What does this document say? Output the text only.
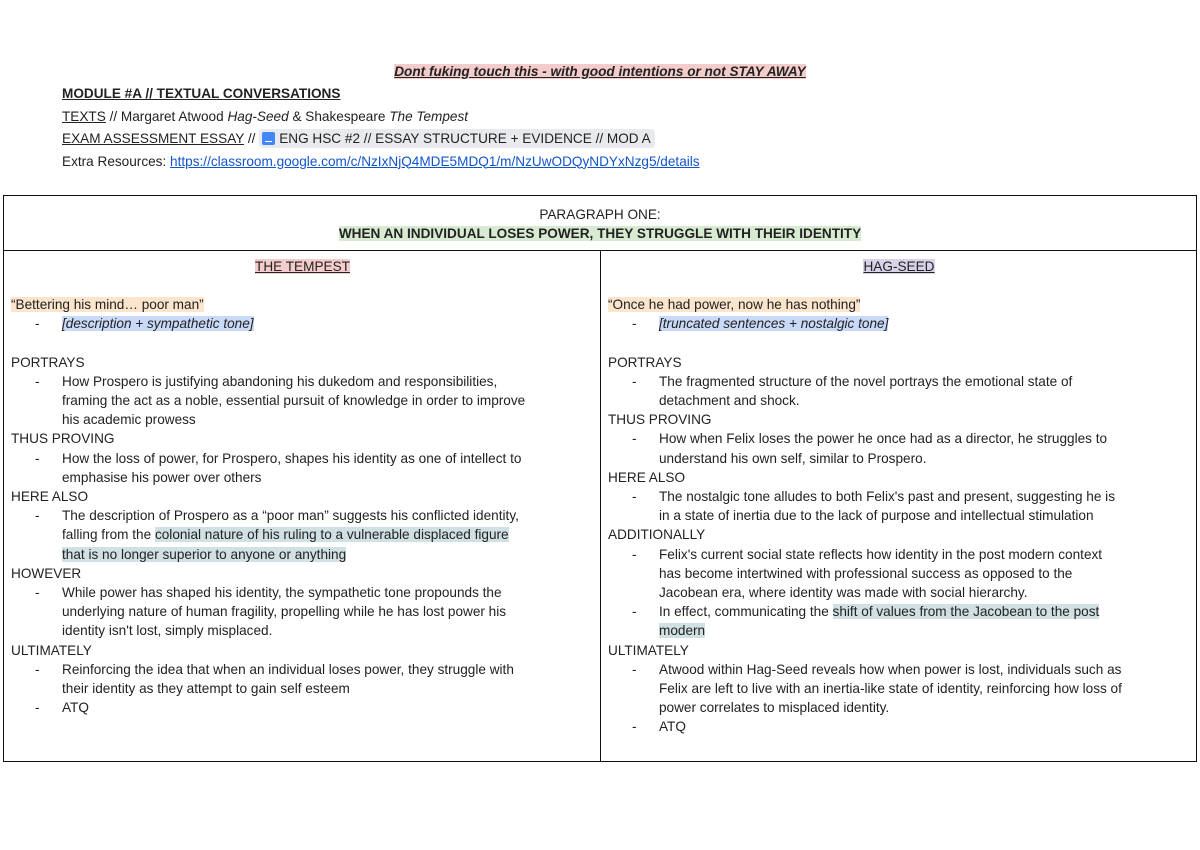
Dont fuking touch this - with good intentions or not STAY AWAY
MODULE #A // TEXTUAL CONVERSATIONS
TEXTS // Margaret Atwood Hag-Seed & Shakespeare The Tempest
EXAM ASSESSMENT ESSAY // ENG HSC #2 // ESSAY STRUCTURE + EVIDENCE // MOD A
Extra Resources: https://classroom.google.com/c/NzIxNjQ4MDE5MDQ1/m/NzUwODQyNDYxNzg5/details
PARAGRAPH ONE:
WHEN AN INDIVIDUAL LOSES POWER, THEY STRUGGLE WITH THEIR IDENTITY
THE TEMPEST
“Bettering his mind… poor man”
- [description + sympathetic tone]
PORTRAYS
- How Prospero is justifying abandoning his dukedom and responsibilities,
framing the act as a noble, essential pursuit of knowledge in order to improve
his academic prowess
THUS PROVING
- How the loss of power, for Prospero, shapes his identity as one of intellect to
emphasise his power over others
HERE ALSO
- The description of Prospero as a “poor man” suggests his conflicted identity,
falling from the colonial nature of his ruling to a vulnerable displaced figure
that is no longer superior to anyone or anything
HOWEVER
- While power has shaped his identity, the sympathetic tone propounds the
underlying nature of human fragility, propelling while he has lost power his
identity isn't lost, simply misplaced.
ULTIMATELY
- Reinforcing the idea that when an individual loses power, they struggle with
their identity as they attempt to gain self esteem
- ATQ
HAG-SEED
“Once he had power, now he has nothing”
- [truncated sentences + nostalgic tone]
PORTRAYS
- The fragmented structure of the novel portrays the emotional state of
detachment and shock.
THUS PROVING
- How when Felix loses the power he once had as a director, he struggles to
understand his own self, similar to Prospero.
HERE ALSO
- The nostalgic tone alludes to both Felix's past and present, suggesting he is
in a state of inertia due to the lack of purpose and intellectual stimulation
ADDITIONALLY
- Felix's current social state reflects how identity in the post modern context
has become intertwined with professional success as opposed to the
Jacobean era, where identity was made with social hierarchy.
- In effect, communicating the shift of values from the Jacobean to the post
modern
ULTIMATELY
- Atwood within Hag-Seed reveals how when power is lost, individuals such as
Felix are left to live with an inertia-like state of identity, reinforcing how loss of
power correlates to misplaced identity.
- ATQ
